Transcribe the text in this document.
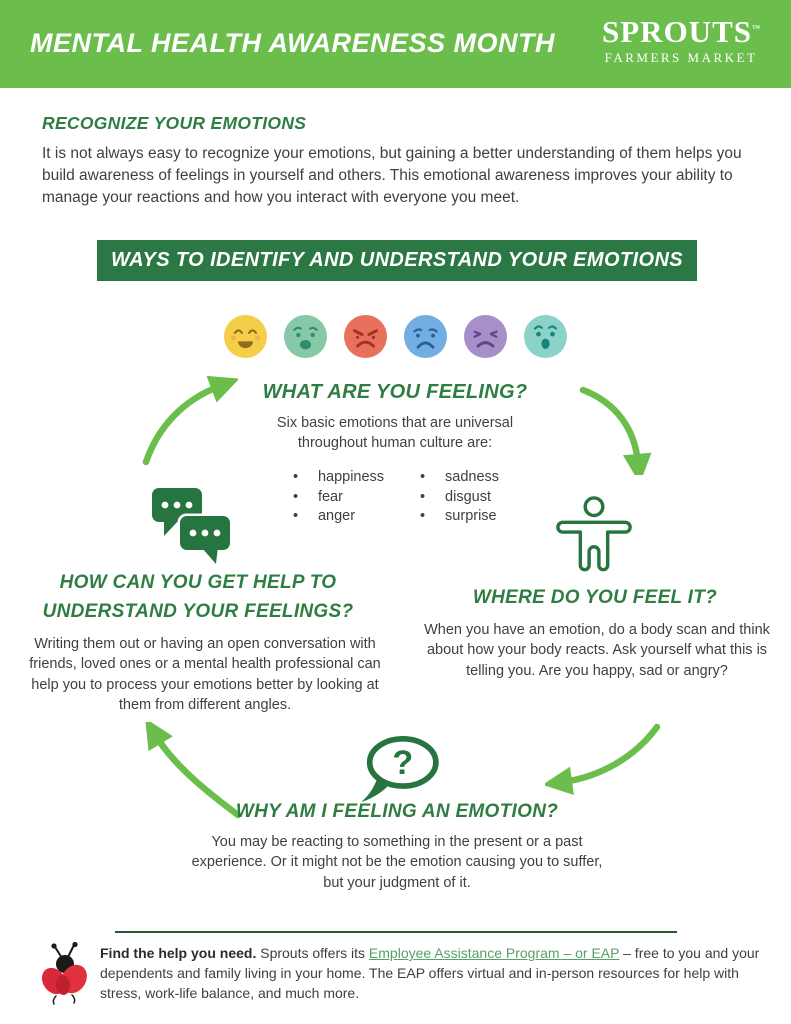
MENTAL HEALTH AWARENESS MONTH	SPROUTS™
FARMERS MARKET
RECOGNIZE YOUR EMOTIONS
It is not always easy to recognize your emotions, but gaining a better understanding of them helps you build awareness of feelings in yourself and others. This emotional awareness improves your ability to manage your reactions and how you interact with everyone you meet.
WAYS TO IDENTIFY AND UNDERSTAND YOUR EMOTIONS
WHAT ARE YOU FEELING?
Six basic emotions that are universal throughout human culture are:
• happiness
• fear
• anger
• sadness
• disgust
• surprise
WHERE DO YOU FEEL IT?
When you have an emotion, do a body scan and think about how your body reacts. Ask yourself what this is telling you. Are you happy, sad or angry?
HOW CAN YOU GET HELP TO
UNDERSTAND YOUR FEELINGS?
Writing them out or having an open conversation with friends, loved ones or a mental health professional can help you to process your emotions better by looking at them from different angles.
?
WHY AM I FEELING AN EMOTION?
You may be reacting to something in the present or a past experience. Or it might not be the emotion causing you to suffer, but your judgment of it.
Find the help you need. Sprouts offers its Employee Assistance Program – or EAP – free to you and your dependents and family living in your home. The EAP offers virtual and in-person resources for help with stress, work-life balance, and much more.
